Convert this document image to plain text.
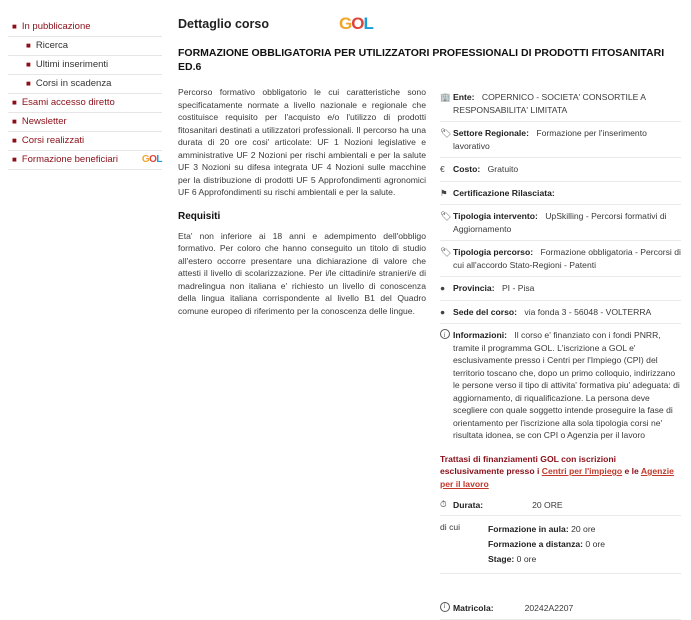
■ In pubblicazione
■ Ricerca
■ Ultimi inserimenti
■ Corsi in scadenza
■ Esami accesso diretto
■ Newsletter
■ Corsi realizzati
■ Formazione beneficiari	GOL
Dettaglio corso	GOL
FORMAZIONE OBBLIGATORIA PER UTILIZZATORI PROFESSIONALI DI PRODOTTI FITOSANITARI ED.6

Percorso formativo obbligatorio le cui caratteristiche sono specificatamente normate a livello nazionale e regionale che costituisce requisito per l'acquisto e/o l'utilizzo di prodotti fitosanitari destinati a utilizzatori professionali. Il percorso ha una durata di 20 ore cosi' articolate: UF 1 Nozioni legislative e amministrative UF 2 Nozioni per rischi ambientali e per la salute UF 3 Nozioni su difesa integrata UF 4 Nozioni sulle macchine per la distribuzione di prodotti UF 5 Approfondimenti agronomici UF 6 Approfondimenti su rischi ambientali e per la salute.

Requisiti

Eta' non inferiore ai 18 anni e adempimento dell'obbligo formativo. Per coloro che hanno conseguito un titolo di studio all'estero occorre presentare una dichiarazione di valore che attesti il livello di scolarizzazione. Per i/le cittadini/e stranieri/e di madrelingua non italiana e' richiesto un livello di conoscenza della lingua italiana corrispondente al livello B1 del Quadro comune europeo di riferimento per la conoscenza delle lingue.

🏢 Ente: COPERNICO - SOCIETA' CONSORTILE A RESPONSABILITA' LIMITATA
🏷 Settore Regionale: Formazione per l'inserimento lavorativo
€ Costo: Gratuito
⚑ Certificazione Rilasciata:
🏷 Tipologia intervento: UpSkilling - Percorsi formativi di Aggiornamento
🏷 Tipologia percorso: Formazione obbligatoria - Percorsi di cui all'accordo Stato-Regioni - Patenti
● Provincia: PI - Pisa
● Sede del corso: via fonda 3 - 56048 - VOLTERRA
i
Informazioni: Il corso e' finanziato con i fondi PNRR, tramite il programma GOL. L'iscrizione a GOL e' esclusivamente presso i Centri per l'Impiego (CPI) del territorio toscano che, dopo un primo colloquio, indirizzano le persone verso il tipo di attivita' formativa piu' adeguata: di aggiornamento, di riqualificazione. La persona deve scegliere con quale soggetto intende proseguire la fase di orientamento per l'iscrizione alla sola tipologia corsi ne' risultata idonea, se con CPI o Agenzia per il lavoro
Trattasi di finanziamenti GOL con iscrizioni esclusivamente presso i Centri per l'impiego e le Agenzie per il lavoro
⏱ Durata:	20 ORE
di cui	Formazione in aula: 20 ore
Formazione a distanza: 0 ore
Stage: 0 ore
i
Matricola:	20242A2207
